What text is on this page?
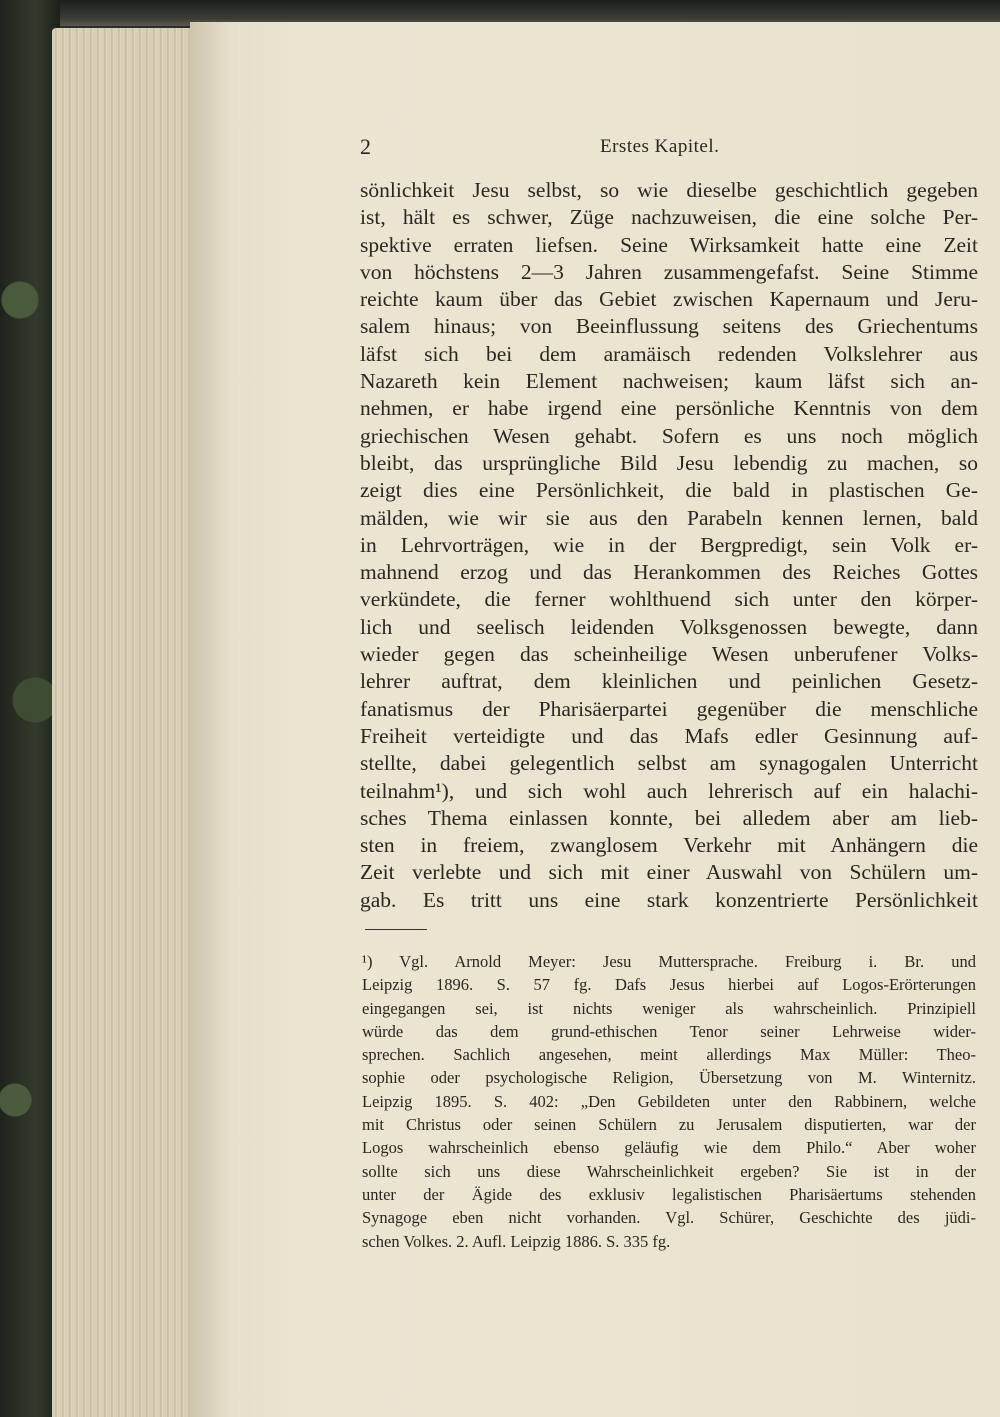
2	Erstes Kapitel.
sönlichkeit Jesu selbst, so wie dieselbe geschichtlich gegeben
ist, hält es schwer, Züge nachzuweisen, die eine solche Per-
spektive erraten liefsen. Seine Wirksamkeit hatte eine Zeit
von höchstens 2—3 Jahren zusammengefafst. Seine Stimme
reichte kaum über das Gebiet zwischen Kapernaum und Jeru-
salem hinaus; von Beeinflussung seitens des Griechentums
läfst sich bei dem aramäisch redenden Volkslehrer aus
Nazareth kein Element nachweisen; kaum läfst sich an-
nehmen, er habe irgend eine persönliche Kenntnis von dem
griechischen Wesen gehabt. Sofern es uns noch möglich
bleibt, das ursprüngliche Bild Jesu lebendig zu machen, so
zeigt dies eine Persönlichkeit, die bald in plastischen Ge-
mälden, wie wir sie aus den Parabeln kennen lernen, bald
in Lehrvorträgen, wie in der Bergpredigt, sein Volk er-
mahnend erzog und das Herankommen des Reiches Gottes
verkündete, die ferner wohlthuend sich unter den körper-
lich und seelisch leidenden Volksgenossen bewegte, dann
wieder gegen das scheinheilige Wesen unberufener Volks-
lehrer auftrat, dem kleinlichen und peinlichen Gesetz-
fanatismus der Pharisäerpartei gegenüber die menschliche
Freiheit verteidigte und das Mafs edler Gesinnung auf-
stellte, dabei gelegentlich selbst am synagogalen Unterricht
teilnahm¹), und sich wohl auch lehrerisch auf ein halachi-
sches Thema einlassen konnte, bei alledem aber am lieb-
sten in freiem, zwanglosem Verkehr mit Anhängern die
Zeit verlebte und sich mit einer Auswahl von Schülern um-
gab. Es tritt uns eine stark konzentrierte Persönlichkeit
¹) Vgl. Arnold Meyer: Jesu Muttersprache. Freiburg i. Br. und
Leipzig 1896. S. 57 fg. Dafs Jesus hierbei auf Logos-Erörterungen
eingegangen sei, ist nichts weniger als wahrscheinlich. Prinzipiell
würde das dem grund-ethischen Tenor seiner Lehrweise wider-
sprechen. Sachlich angesehen, meint allerdings Max Müller: Theo-
sophie oder psychologische Religion, Übersetzung von M. Winternitz.
Leipzig 1895. S. 402: „Den Gebildeten unter den Rabbinern, welche
mit Christus oder seinen Schülern zu Jerusalem disputierten, war der
Logos wahrscheinlich ebenso geläufig wie dem Philo.“ Aber woher
sollte sich uns diese Wahrscheinlichkeit ergeben? Sie ist in der
unter der Ägide des exklusiv legalistischen Pharisäertums stehenden
Synagoge eben nicht vorhanden. Vgl. Schürer, Geschichte des jüdi-
schen Volkes. 2. Aufl. Leipzig 1886. S. 335 fg.
